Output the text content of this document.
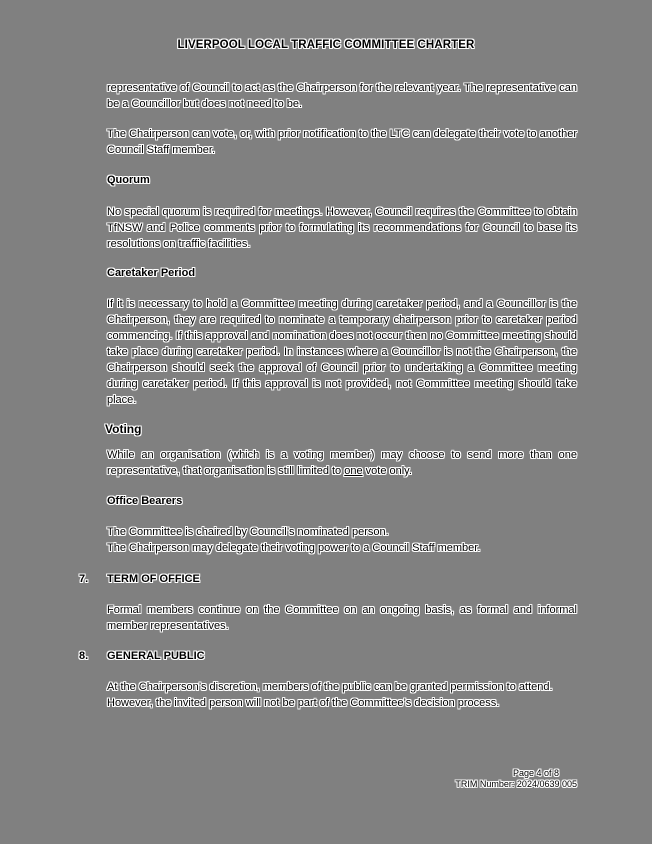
LIVERPOOL LOCAL TRAFFIC COMMITTEE CHARTER
representative of Council to act as the Chairperson for the relevant year. The representative can be a Councillor but does not need to be.
The Chairperson can vote, or, with prior notification to the LTC can delegate their vote to another Council Staff member.
Quorum
No special quorum is required for meetings. However, Council requires the Committee to obtain TfNSW and Police comments prior to formulating its recommendations for Council to base its resolutions on traffic facilities.
Caretaker Period
If it is necessary to hold a Committee meeting during caretaker period, and a Councillor is the Chairperson, they are required to nominate a temporary chairperson prior to caretaker period commencing. If this approval and nomination does not occur then no Committee meeting should take place during caretaker period. In instances where a Councillor is not the Chairperson, the Chairperson should seek the approval of Council prior to undertaking a Committee meeting during caretaker period. If this approval is not provided, not Committee meeting should take place.
Voting
While an organisation (which is a voting member) may choose to send more than one representative, that organisation is still limited to one vote only.
Office Bearers
The Committee is chaired by Council’s nominated person.
The Chairperson may delegate their voting power to a Council Staff member.
7. TERM OF OFFICE
Formal members continue on the Committee on an ongoing basis, as formal and informal member representatives.
8. GENERAL PUBLIC
At the Chairperson’s discretion, members of the public can be granted permission to attend. However, the invited person will not be part of the Committee’s decision process.
Page 4 of 8
TRIM Number: 2024/0639 005
